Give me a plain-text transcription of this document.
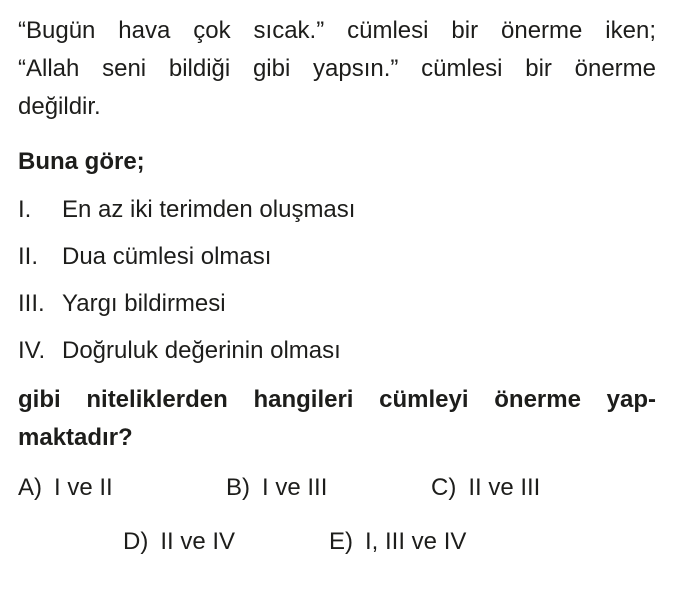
“Bugün hava çok sıcak.” cümlesi bir önerme iken;
“Allah seni bildiği gibi yapsın.” cümlesi bir önerme
değildir.

Buna göre;
I.	En az iki terimden oluşması
II. Dua cümlesi olması
III. Yargı bildirmesi
IV. Doğruluk değerinin olması

gibi niteliklerden hangileri cümleyi önerme yap-
maktadır?

A) I ve II	B) I ve III	C) II ve III
D) II ve IV	E) I, III ve IV
